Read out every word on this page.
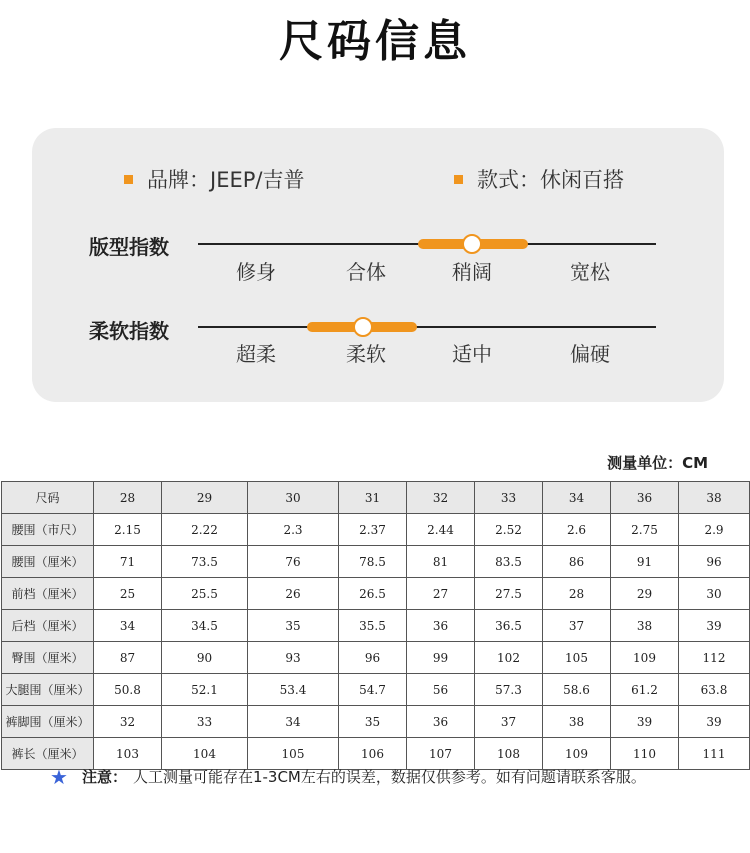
尺码信息
品牌：JEEP/吉普	款式：休闲百搭
版型指数
修身	合体	稍阔	宽松
柔软指数
超柔	柔软	适中	偏硬
测量单位：CM
尺码	28	29	30	31	32	33	34	36	38
腰围（市尺）	2.15	2.22	2.3	2.37	2.44	2.52	2.6	2.75	2.9
腰围（厘米）	71	73.5	76	78.5	81	83.5	86	91	96
前档（厘米）	25	25.5	26	26.5	27	27.5	28	29	30
后档（厘米）	34	34.5	35	35.5	36	36.5	37	38	39
臀围（厘米）	87	90	93	96	99	102	105	109	112
大腿围（厘米）	50.8	52.1	53.4	54.7	56	57.3	58.6	61.2	63.8
裤脚围（厘米）	32	33	34	35	36	37	38	39	39
裤长（厘米）	103	104	105	106	107	108	109	110	111
★ 注意： 人工测量可能存在1-3CM左右的误差，数据仅供参考。如有问题请联系客服。
